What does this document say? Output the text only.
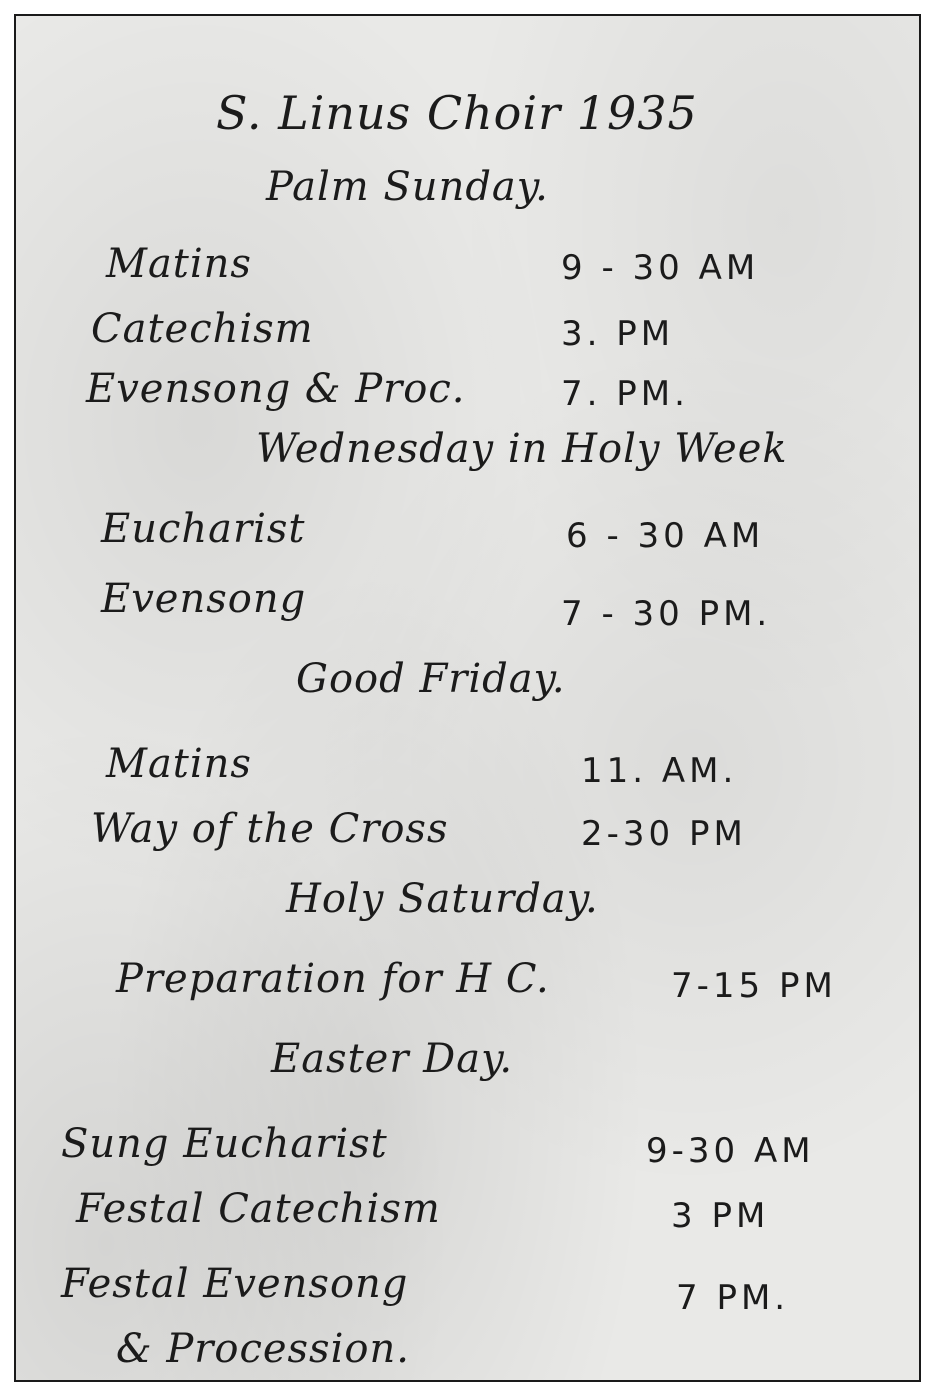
S. Linus Choir 1935
Palm Sunday.
Matins	9 - 30 AM
Catechism	3. PM
Evensong & Proc.	7. PM.
Wednesday in Holy Week
Eucharist	6 - 30 AM
Evensong	7 - 30 PM.
Good Friday.
Matins	11. AM.
Way of the Cross	2-30 PM
Holy Saturday.
Preparation for H C.	7-15 PM
Easter Day.
Sung Eucharist	9-30 AM
Festal Catechism	3 PM
Festal Evensong	7 PM.
& Procession.
